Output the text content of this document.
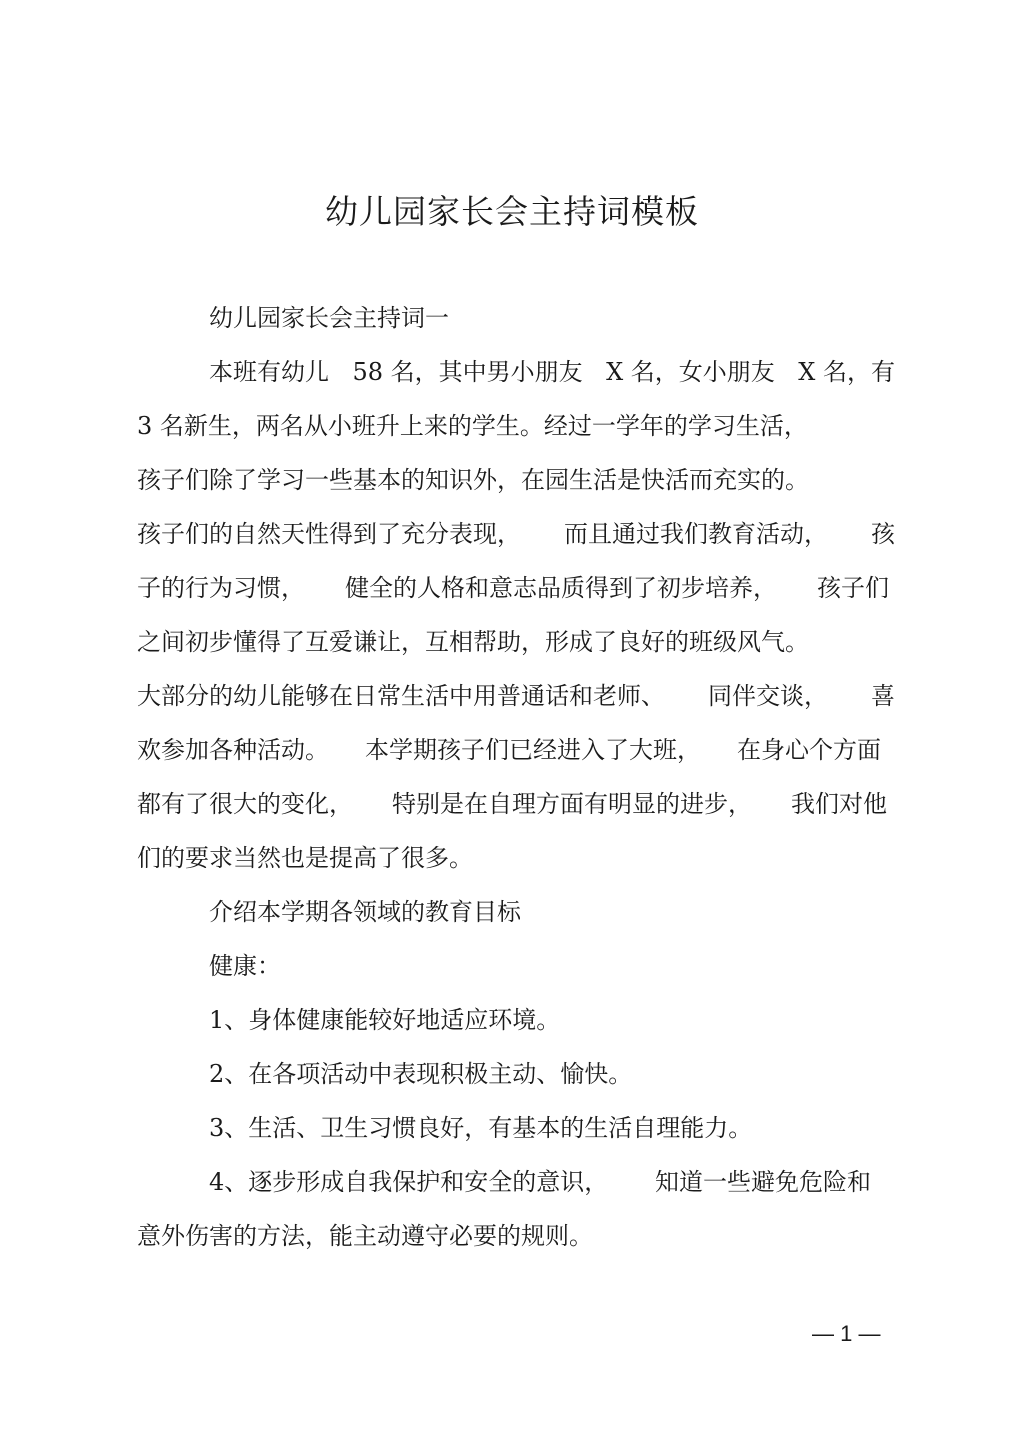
幼儿园家长会主持词模板
幼儿园家长会主持词一
本班有幼儿 58 名，其中男小朋友 X 名，女小朋友 X 名，有
3 名新生，两名从小班升上来的学生。经过一学年的学习生活，
孩子们除了学习一些基本的知识外，在园生活是快活而充实的。
孩子们的自然天性得到了充分表现， 而且通过我们教育活动， 孩
子的行为习惯， 健全的人格和意志品质得到了初步培养， 孩子们
之间初步懂得了互爱谦让，互相帮助，形成了良好的班级风气。
大部分的幼儿能够在日常生活中用普通话和老师、 同伴交谈， 喜
欢参加各种活动。 本学期孩子们已经进入了大班， 在身心个方面
都有了很大的变化， 特别是在自理方面有明显的进步， 我们对他
们的要求当然也是提高了很多。
介绍本学期各领域的教育目标
健康：
1、身体健康能较好地适应环境。
2、在各项活动中表现积极主动、愉快。
3、生活、卫生习惯良好，有基本的生活自理能力。
4、逐步形成自我保护和安全的意识， 知道一些避免危险和
意外伤害的方法，能主动遵守必要的规则。
— 1 —
